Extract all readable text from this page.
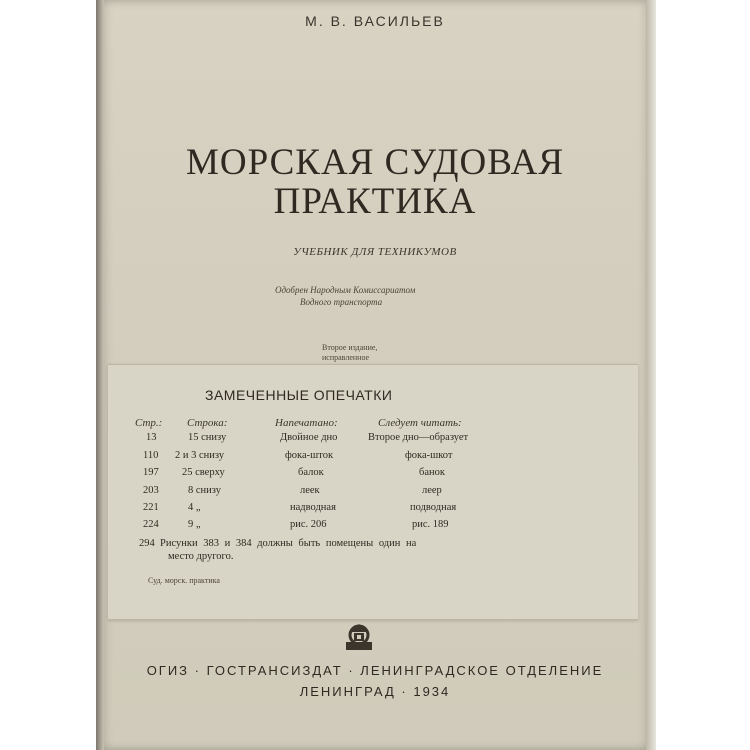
М. В. ВАСИЛЬЕВ
МОРСКАЯ СУДОВАЯ
ПРАКТИКА
УЧЕБНИК ДЛЯ ТЕХНИКУМОВ
Одобрен Народным Комиссариатом
Водного транспорта
Второе издание,
исправленное
ЗАМЕЧЕННЫЕ ОПЕЧАТКИ
Стр.: Строка:	Напечатано:	Следует читать:
13	15 снизу	Двойное дно	Второе дно—образует
110 2 и 3 снизу	фока-шток	фока-шкот
197 25 сверху	балок	банок
203	8 снизу	леек	леер
221	4 „	надводная	подводная
224	9 „	рис. 206	рис. 189
294 Рисунки 383 и 384 должны быть помещены один на
место другого.
Суд. морск. практика
ОГИЗ · ГОСТРАНСИЗДАТ · ЛЕНИНГРАДСКОЕ ОТДЕЛЕНИЕ
ЛЕНИНГРАД · 1934
